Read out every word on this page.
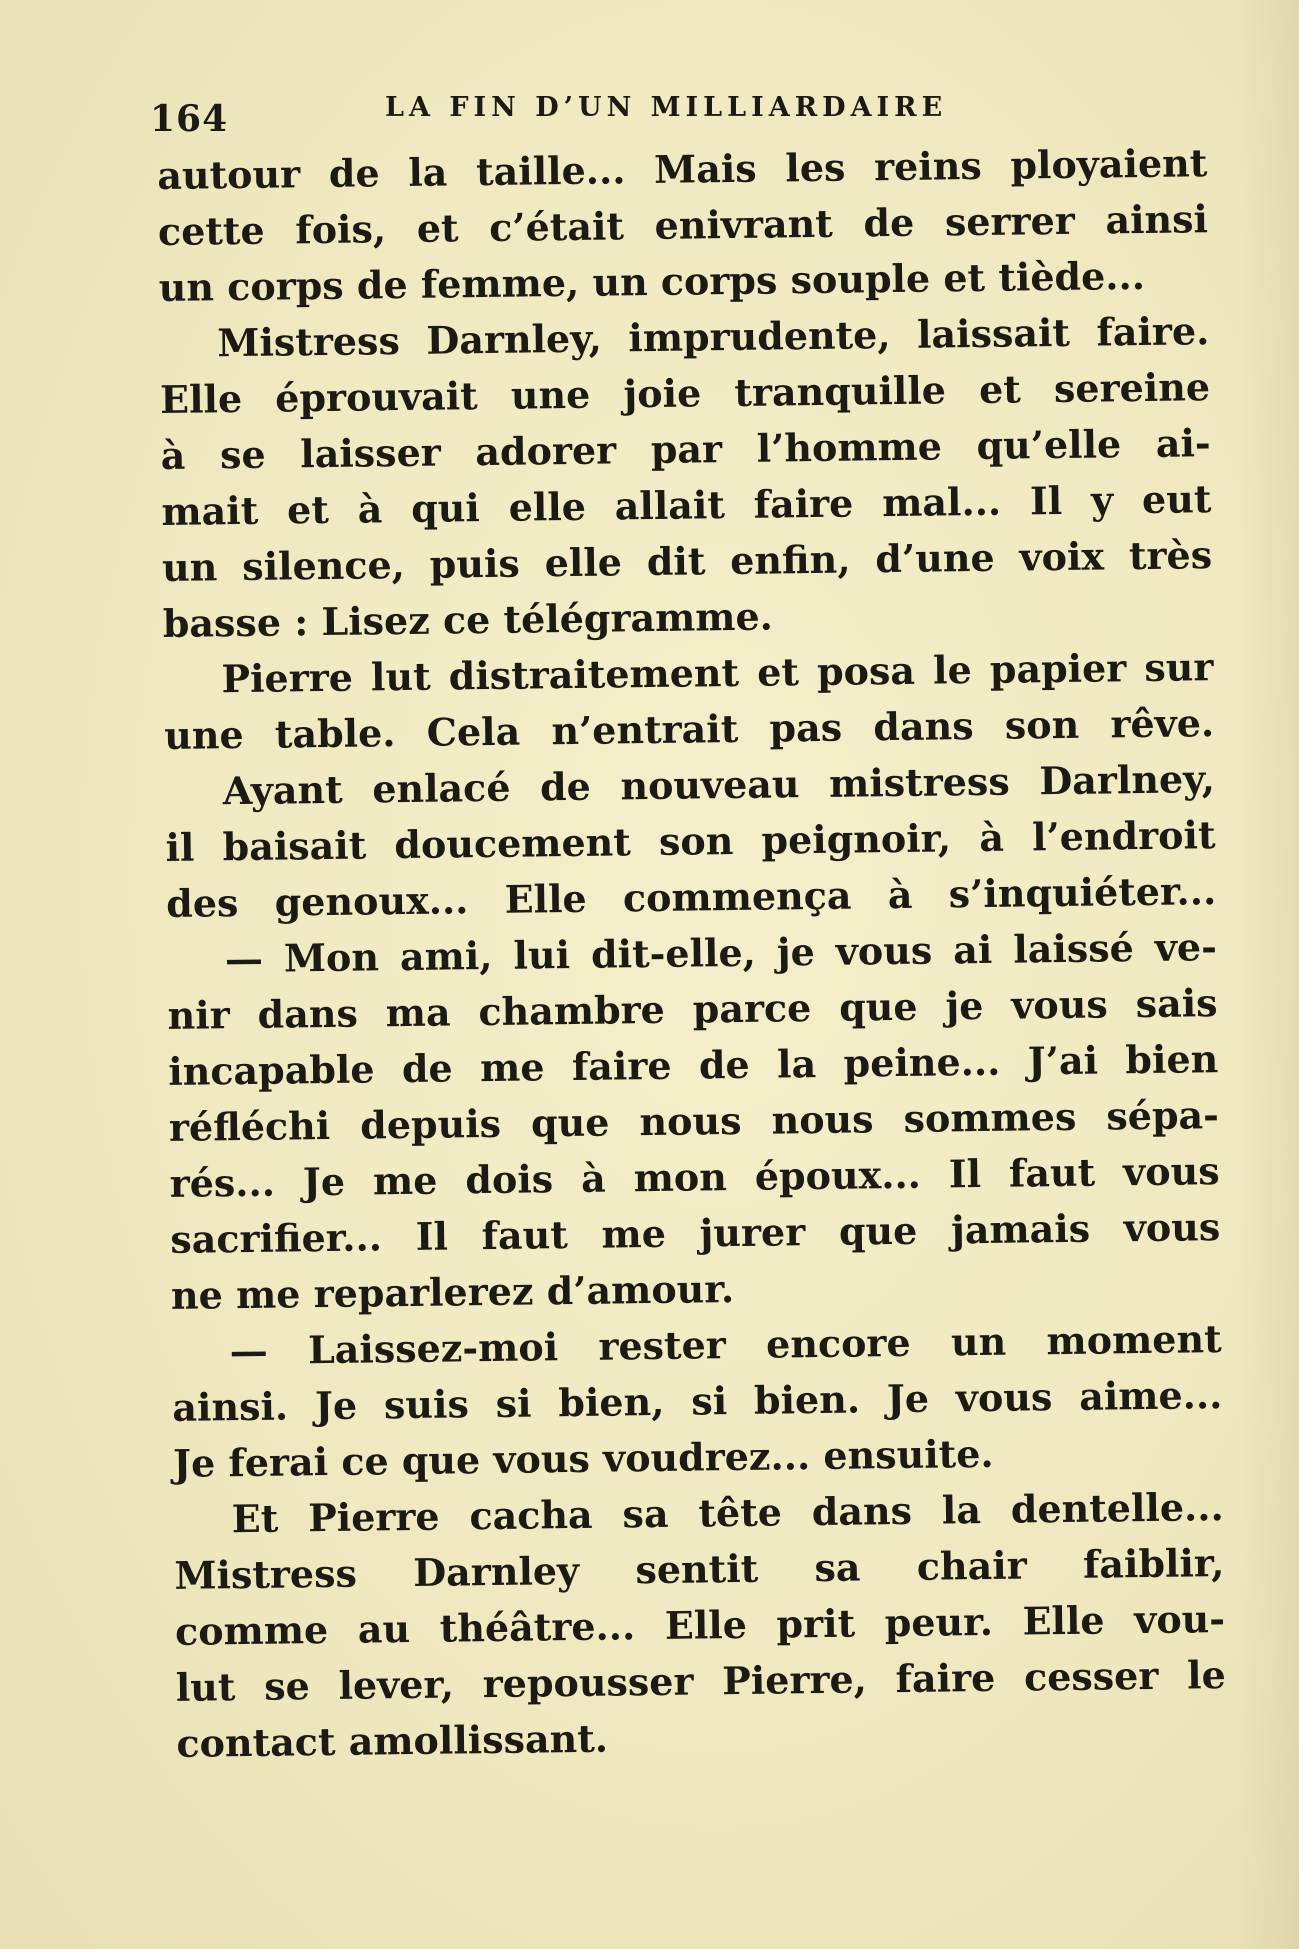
164	LA FIN D’UN MILLIARDAIRE
autour de la taille... Mais les reins ployaient
cette fois, et c’était enivrant de serrer ainsi
un corps de femme, un corps souple et tiède...
Mistress Darnley, imprudente, laissait faire.
Elle éprouvait une joie tranquille et sereine
à se laisser adorer par l’homme qu’elle ai-
mait et à qui elle allait faire mal... Il y eut
un silence, puis elle dit enfin, d’une voix très
basse : Lisez ce télégramme.
Pierre lut distraitement et posa le papier sur
une table. Cela n’entrait pas dans son rêve.
Ayant enlacé de nouveau mistress Darlney,
il baisait doucement son peignoir, à l’endroit
des genoux... Elle commença à s’inquiéter...
— Mon ami, lui dit-elle, je vous ai laissé ve-
nir dans ma chambre parce que je vous sais
incapable de me faire de la peine... J’ai bien
réfléchi depuis que nous nous sommes sépa-
rés... Je me dois à mon époux... Il faut vous
sacrifier... Il faut me jurer que jamais vous
ne me reparlerez d’amour.
— Laissez-moi rester encore un moment
ainsi. Je suis si bien, si bien. Je vous aime...
Je ferai ce que vous voudrez... ensuite.
Et Pierre cacha sa tête dans la dentelle...
Mistress Darnley sentit sa chair faiblir,
comme au théâtre... Elle prit peur. Elle vou-
lut se lever, repousser Pierre, faire cesser le
contact amollissant.
